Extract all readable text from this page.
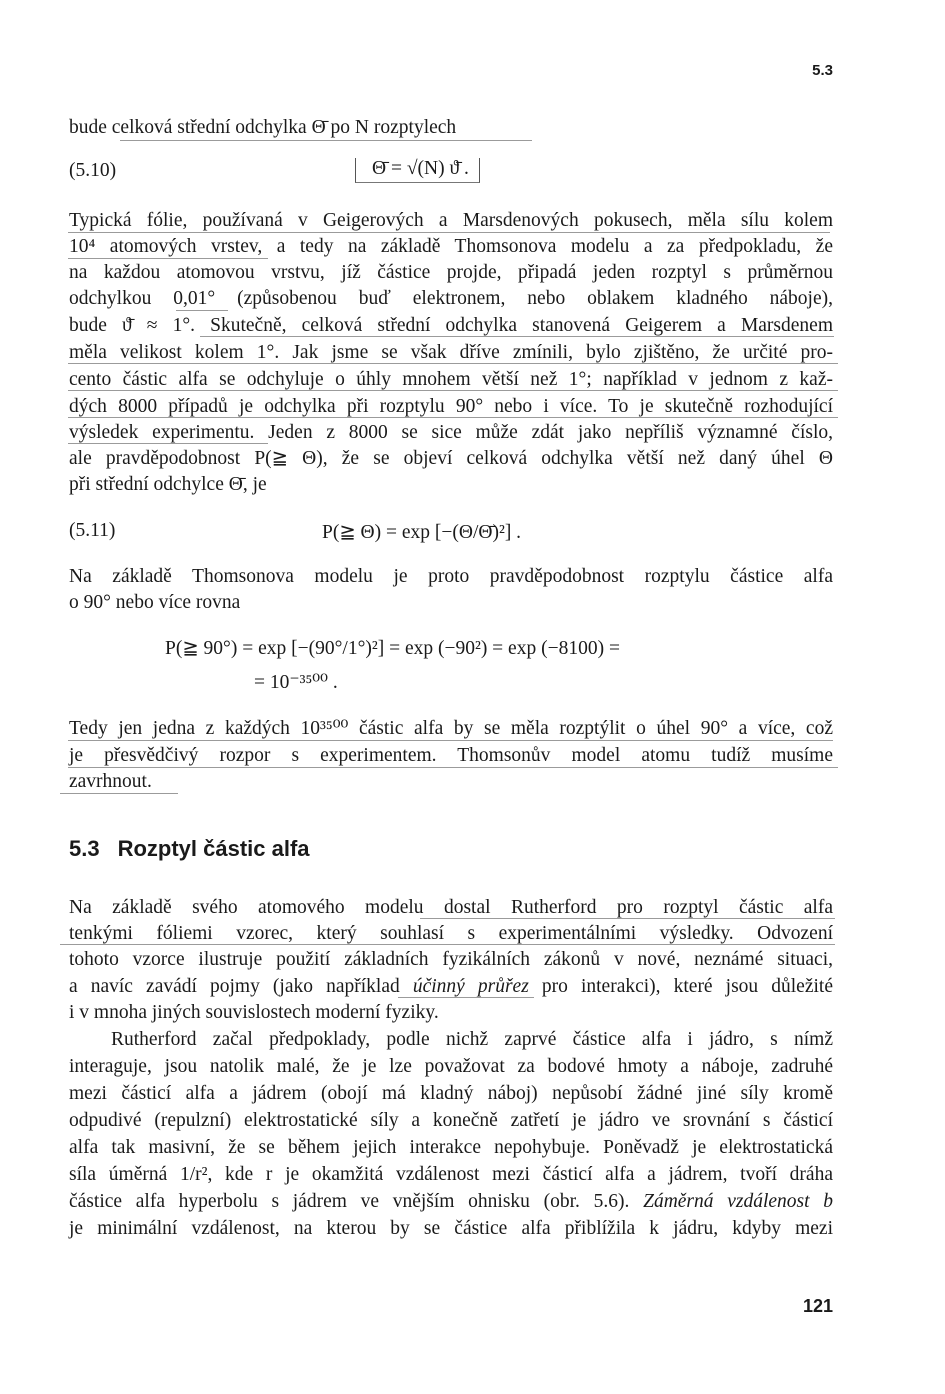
5.3
bude celková střední odchylka Θ̄ po N rozptylech
(5.10)	Θ̄ = √(N) ϑ̄ .
Typická fólie, používaná v Geigerových a Marsdenových pokusech, měla sílu kolem
10⁴ atomových vrstev, a tedy na základě Thomsonova modelu a za předpokladu, že
na každou atomovou vrstvu, jíž částice projde, připadá jeden rozptyl s průměrnou
odchylkou 0,01° (způsobenou buď elektronem, nebo oblakem kladného náboje),
bude ϑ̄ ≈ 1°. Skutečně, celková střední odchylka stanovená Geigerem a Marsdenem
měla velikost kolem 1°. Jak jsme se však dříve zmínili, bylo zjištěno, že určité pro-
cento částic alfa se odchyluje o úhly mnohem větší než 1°; například v jednom z kaž-
dých 8000 případů je odchylka při rozptylu 90° nebo i více. To je skutečně rozhodující
výsledek experimentu. Jeden z 8000 se sice může zdát jako nepříliš významné číslo,
ale pravděpodobnost P(≧ Θ), že se objeví celková odchylka větší než daný úhel Θ
při střední odchylce Θ̄, je
(5.11)	P(≧ Θ) = exp [−(Θ/Θ̄)²] .
Na základě Thomsonova modelu je proto pravděpodobnost rozptylu částice alfa
o 90° nebo více rovna
P(≧ 90°) = exp [−(90°/1°)²] = exp (−90²) = exp (−8100) =
= 10⁻³⁵⁰⁰ .
Tedy jen jedna z každých 10³⁵⁰⁰ částic alfa by se měla rozptýlit o úhel 90° a více, což
je přesvědčivý rozpor s experimentem. Thomsonův model atomu tudíž musíme
zavrhnout.
5.3 Rozptyl částic alfa
Na základě svého atomového modelu dostal Rutherford pro rozptyl částic alfa
tenkými fóliemi vzorec, který souhlasí s experimentálními výsledky. Odvození
tohoto vzorce ilustruje použití základních fyzikálních zákonů v nové, neznámé situaci,
a navíc zavádí pojmy (jako například účinný průřez pro interakci), které jsou důležité
i v mnoha jiných souvislostech moderní fyziky.
Rutherford začal předpoklady, podle nichž zaprvé částice alfa i jádro, s nímž
interaguje, jsou natolik malé, že je lze považovat za bodové hmoty a náboje, zadruhé
mezi částicí alfa a jádrem (obojí má kladný náboj) nepůsobí žádné jiné síly kromě
odpudivé (repulzní) elektrostatické síly a konečně zatřetí je jádro ve srovnání s částicí
alfa tak masivní, že se během jejich interakce nepohybuje. Poněvadž je elektrostatická
síla úměrná 1/r², kde r je okamžitá vzdálenost mezi částicí alfa a jádrem, tvoří dráha
částice alfa hyperbolu s jádrem ve vnějším ohnisku (obr. 5.6). Záměrná vzdálenost b
je minimální vzdálenost, na kterou by se částice alfa přiblížila k jádru, kdyby mezi
121
